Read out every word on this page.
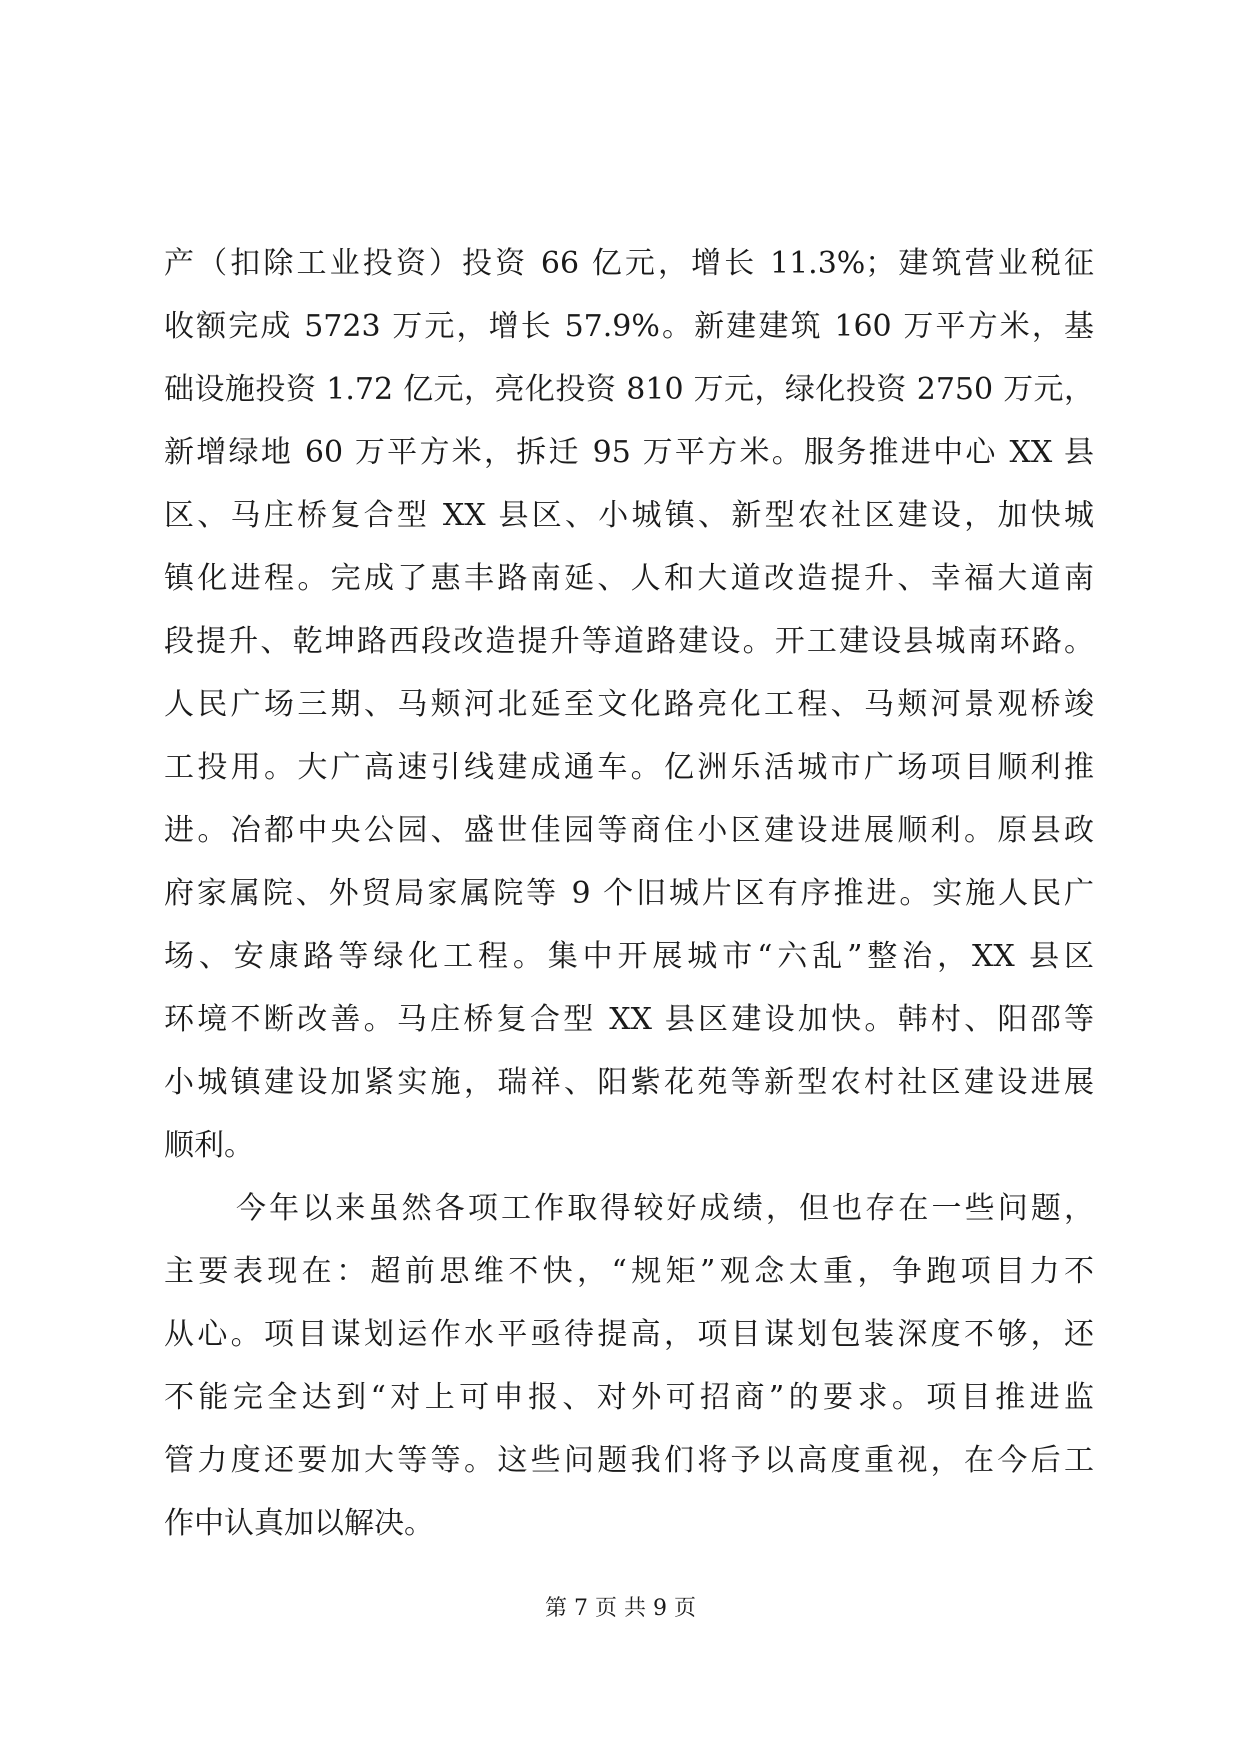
产（扣除工业投资）投资 66 亿元，增长 11.3%；建筑营业税征
收额完成 5723 万元，增长 57.9%。新建建筑 160 万平方米，基
础设施投资 1.72 亿元，亮化投资 810 万元，绿化投资 2750 万元，
新增绿地 60 万平方米，拆迁 95 万平方米。服务推进中心 XX 县
区、马庄桥复合型 XX 县区、小城镇、新型农社区建设，加快城
镇化进程。完成了惠丰路南延、人和大道改造提升、幸福大道南
段提升、乾坤路西段改造提升等道路建设。开工建设县城南环路。
人民广场三期、马颊河北延至文化路亮化工程、马颊河景观桥竣
工投用。大广高速引线建成通车。亿洲乐活城市广场项目顺利推
进。冶都中央公园、盛世佳园等商住小区建设进展顺利。原县政
府家属院、外贸局家属院等 9 个旧城片区有序推进。实施人民广
场、安康路等绿化工程。集中开展城市“六乱”整治，XX 县区
环境不断改善。马庄桥复合型 XX 县区建设加快。韩村、阳邵等
小城镇建设加紧实施，瑞祥、阳紫花苑等新型农村社区建设进展
顺利。
今年以来虽然各项工作取得较好成绩，但也存在一些问题，
主要表现在：超前思维不快，“规矩”观念太重，争跑项目力不
从心。项目谋划运作水平亟待提高，项目谋划包装深度不够，还
不能完全达到“对上可申报、对外可招商”的要求。项目推进监
管力度还要加大等等。这些问题我们将予以高度重视，在今后工
作中认真加以解决。
第 7 页 共 9 页
